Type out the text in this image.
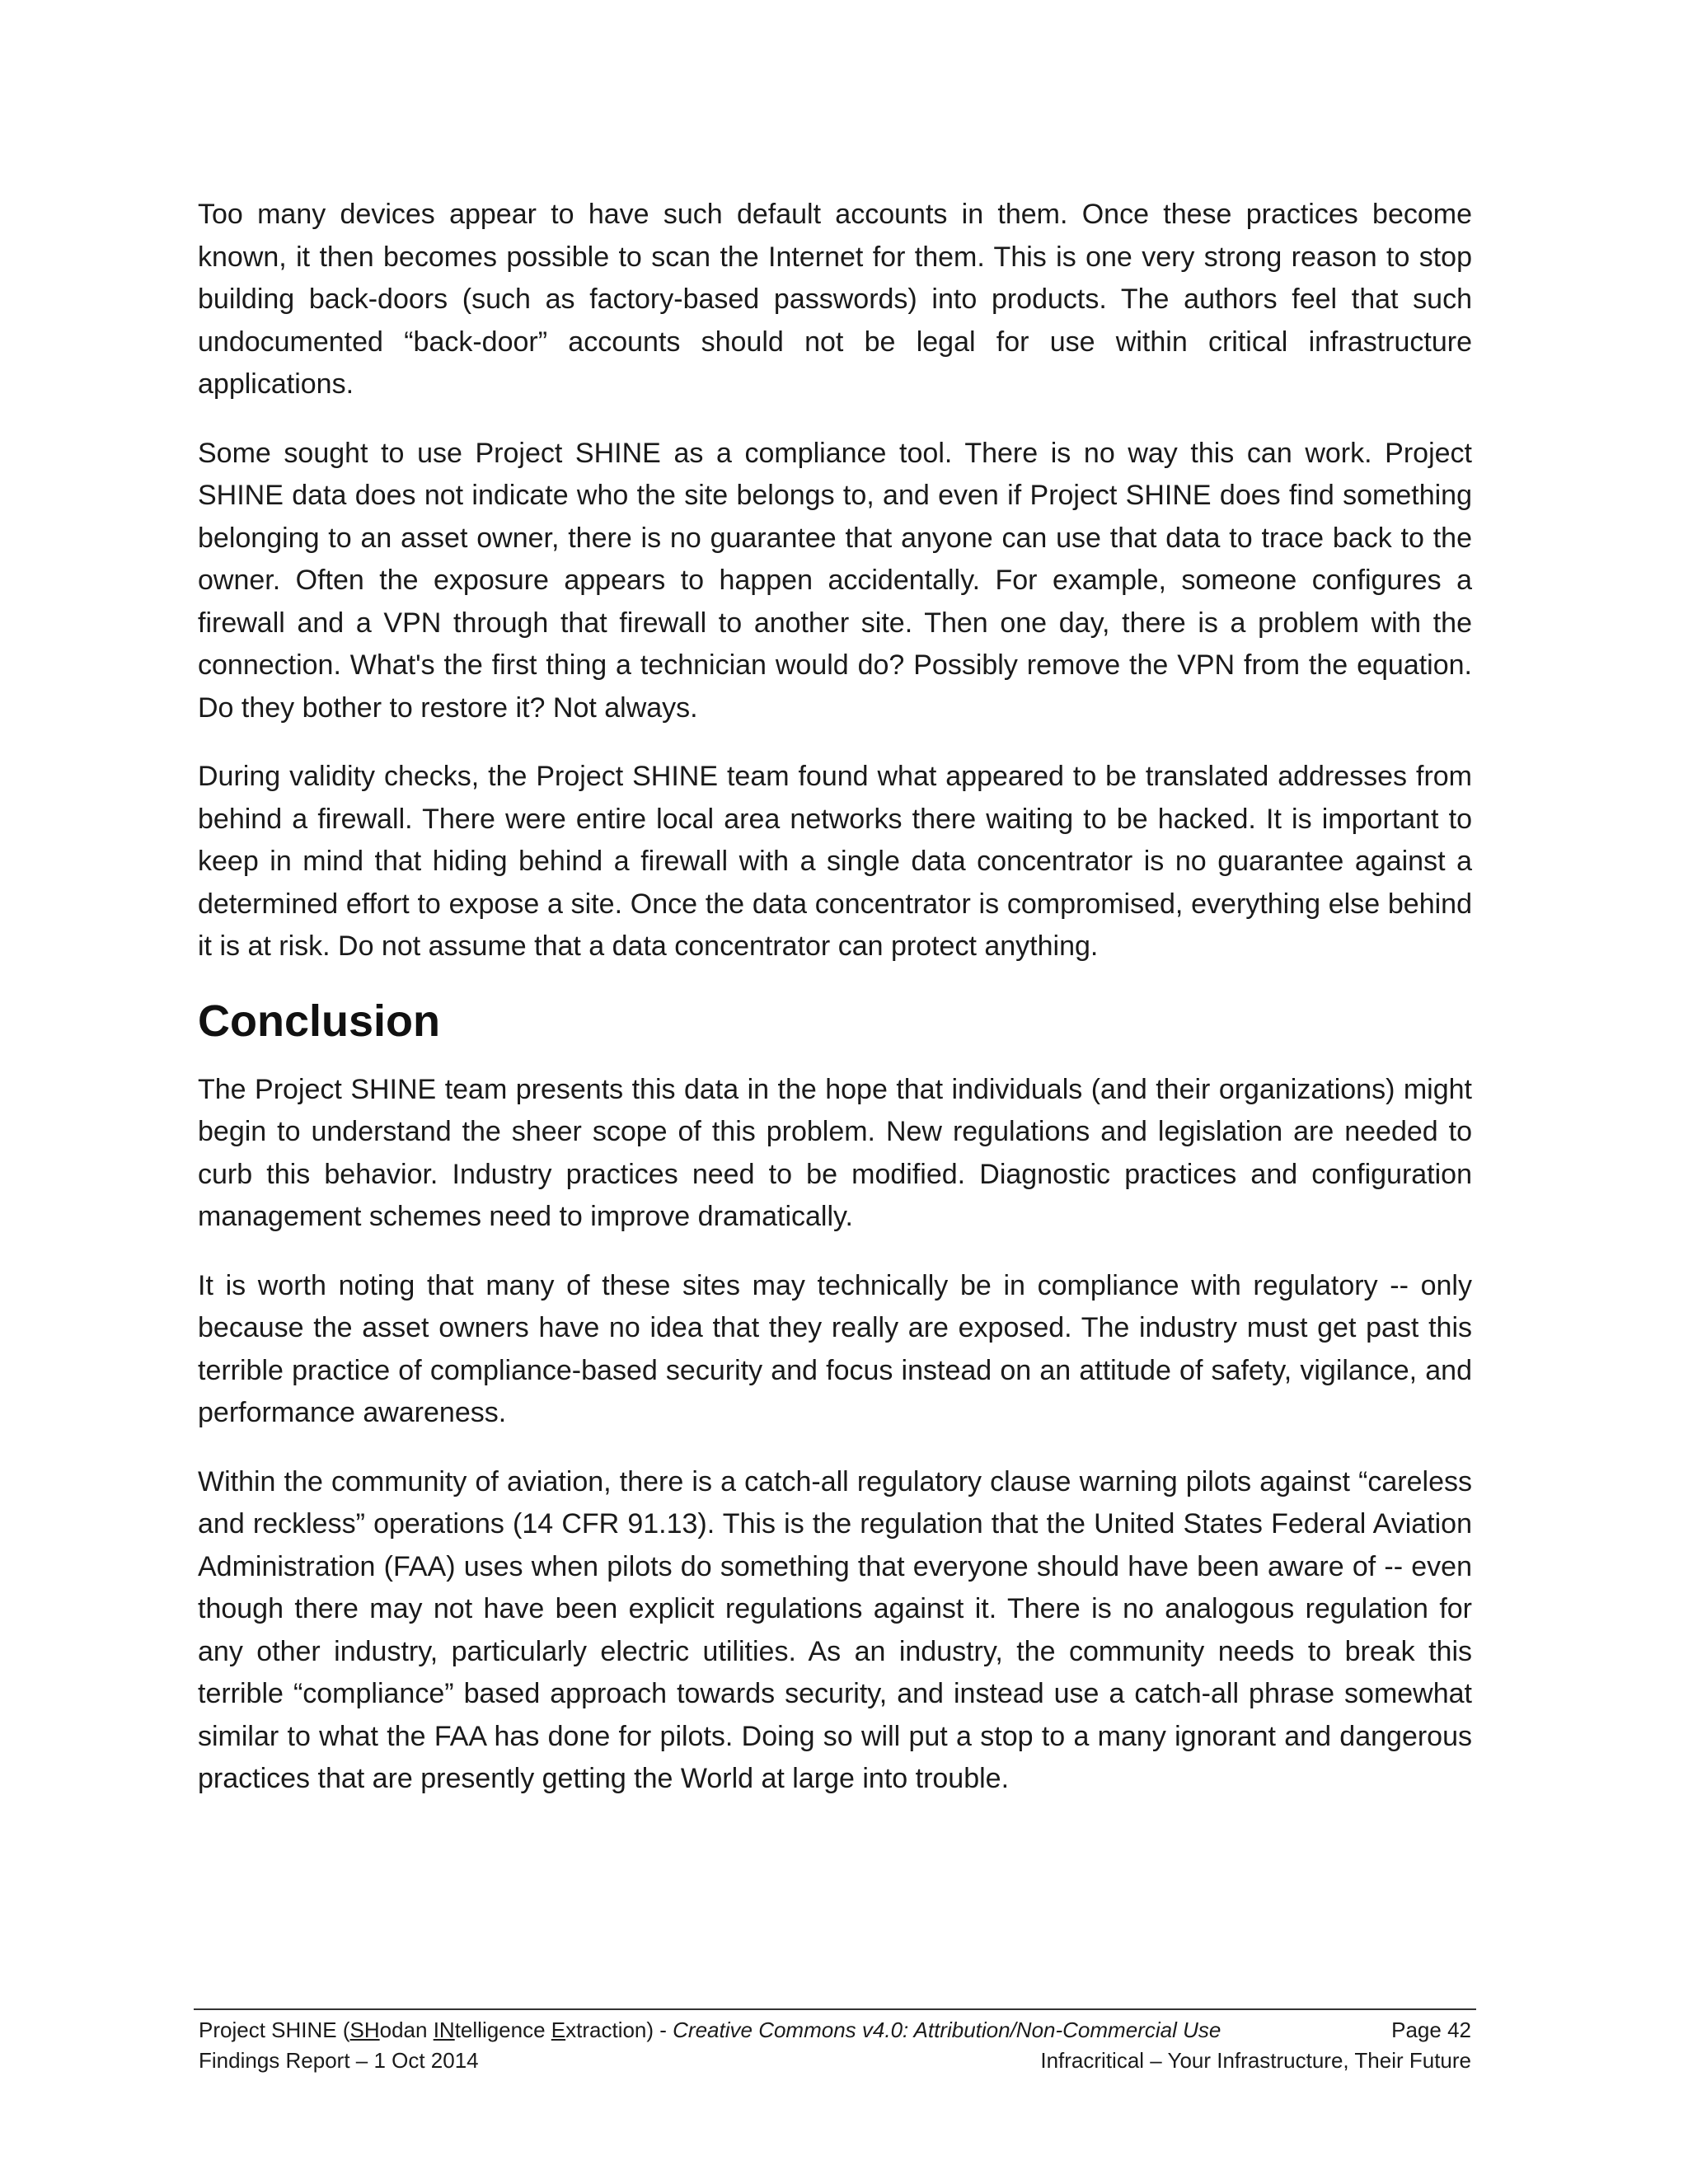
Too many devices appear to have such default accounts in them. Once these practices become known, it then becomes possible to scan the Internet for them. This is one very strong reason to stop building back-doors (such as factory-based passwords) into products. The authors feel that such undocumented “back-door” accounts should not be legal for use within critical infrastructure applications.

Some sought to use Project SHINE as a compliance tool. There is no way this can work. Project SHINE data does not indicate who the site belongs to, and even if Project SHINE does find something belonging to an asset owner, there is no guarantee that anyone can use that data to trace back to the owner. Often the exposure appears to happen accidentally. For example, someone configures a firewall and a VPN through that firewall to another site. Then one day, there is a problem with the connection. What's the first thing a technician would do? Possibly remove the VPN from the equation. Do they bother to restore it? Not always.

During validity checks, the Project SHINE team found what appeared to be translated addresses from behind a firewall. There were entire local area networks there waiting to be hacked. It is important to keep in mind that hiding behind a firewall with a single data concentrator is no guarantee against a determined effort to expose a site. Once the data concentrator is compromised, everything else behind it is at risk. Do not assume that a data concentrator can protect anything.

Conclusion

The Project SHINE team presents this data in the hope that individuals (and their organizations) might begin to understand the sheer scope of this problem. New regulations and legislation are needed to curb this behavior. Industry practices need to be modified. Diagnostic practices and configuration management schemes need to improve dramatically.

It is worth noting that many of these sites may technically be in compliance with regulatory -- only because the asset owners have no idea that they really are exposed. The industry must get past this terrible practice of compliance-based security and focus instead on an attitude of safety, vigilance, and performance awareness.

Within the community of aviation, there is a catch-all regulatory clause warning pilots against “careless and reckless” operations (14 CFR 91.13). This is the regulation that the United States Federal Aviation Administration (FAA) uses when pilots do something that everyone should have been aware of -- even though there may not have been explicit regulations against it. There is no analogous regulation for any other industry, particularly electric utilities. As an industry, the community needs to break this terrible “compliance” based approach towards security, and instead use a catch-all phrase somewhat similar to what the FAA has done for pilots. Doing so will put a stop to a many ignorant and dangerous practices that are presently getting the World at large into trouble.

Project SHINE (SHodan INtelligence Extraction) - Creative Commons v4.0: Attribution/Non-Commercial Use	Page 42
Findings Report – 1 Oct 2014	Infracritical – Your Infrastructure, Their Future
